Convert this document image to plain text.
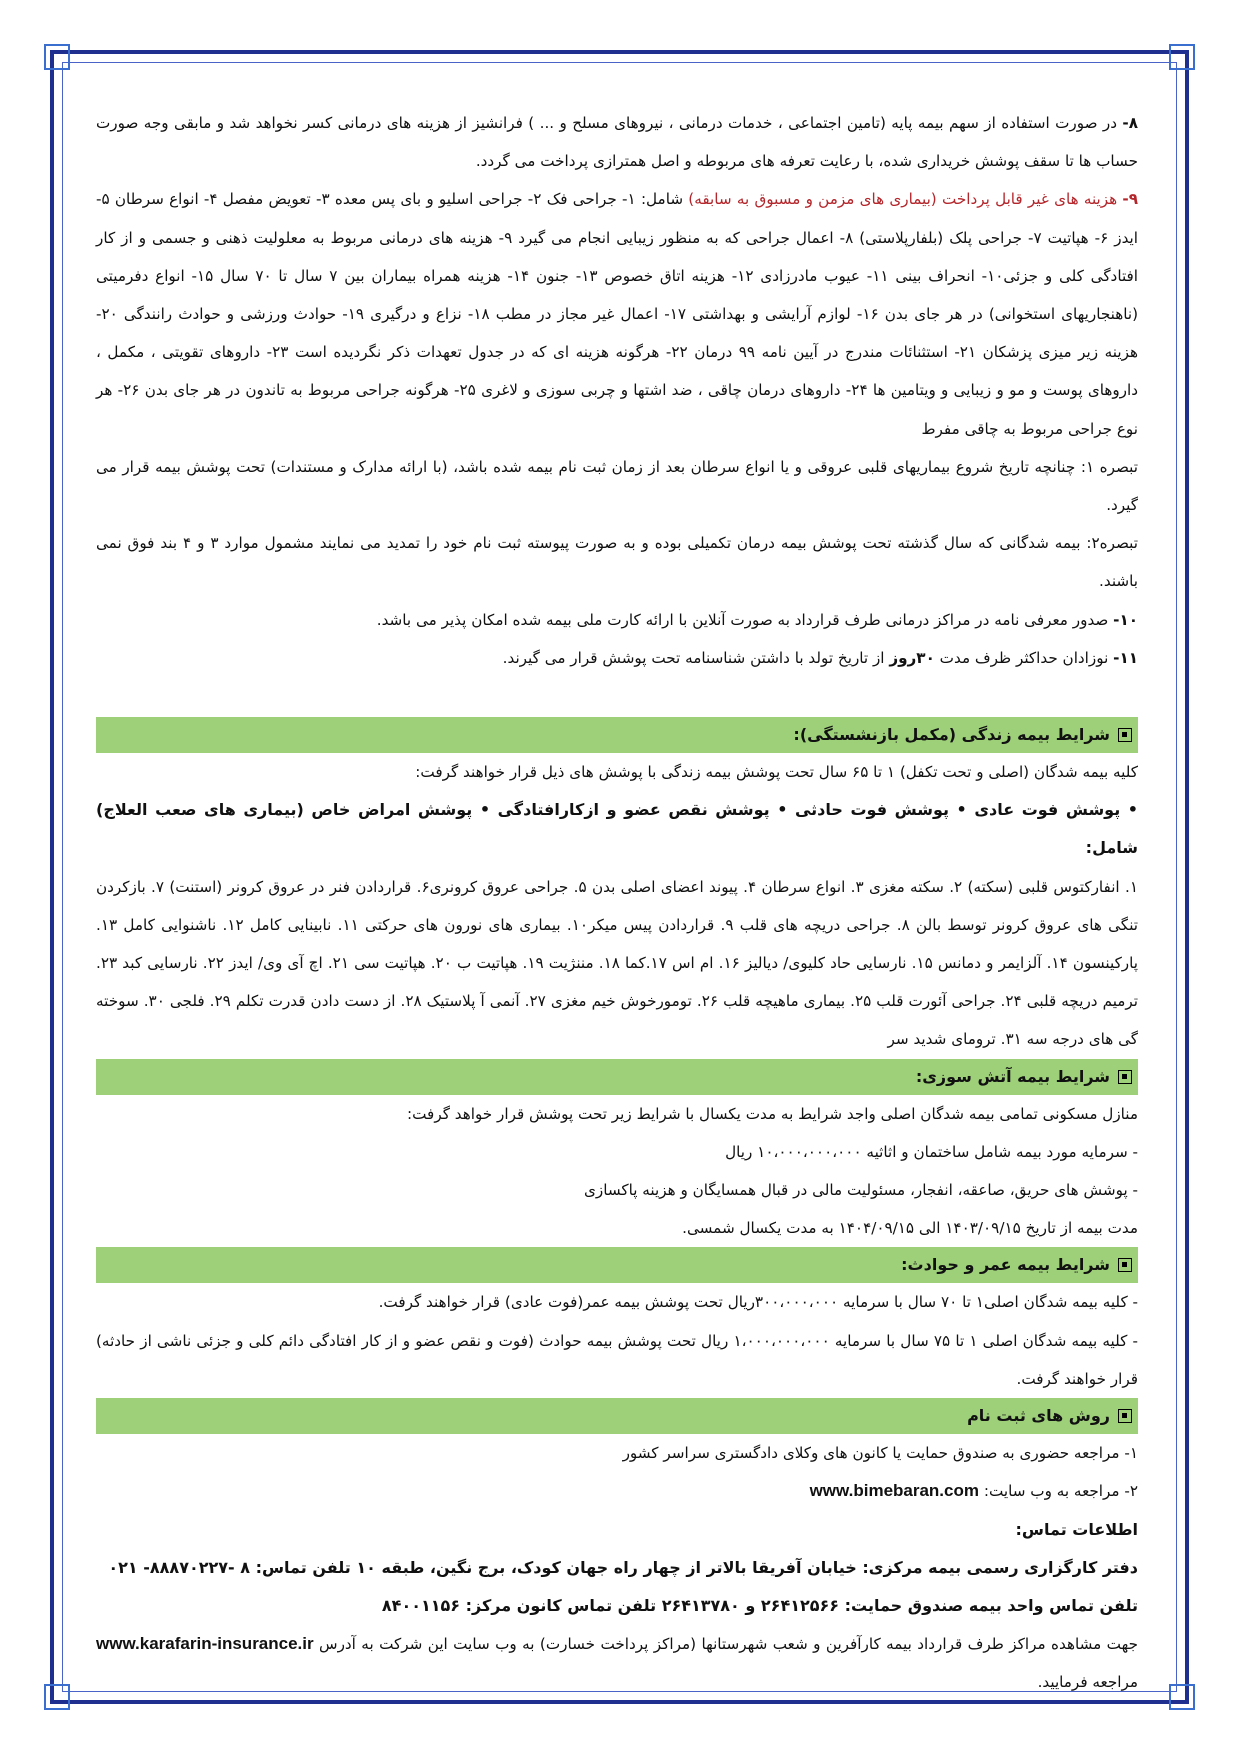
۸- در صورت استفاده از سهم بیمه پایه (تامین اجتماعی ، خدمات درمانی ، نیروهای مسلح و ... ) فرانشیز از هزینه های درمانی کسر نخواهد شد و مابقی وجه صورت حساب ها تا سقف پوشش خریداری شده، با رعایت تعرفه های مربوطه و اصل همترازی پرداخت می گردد.

۹- هزینه های غیر قابل پرداخت (بیماری های مزمن و مسبوق به سابقه) شامل: ۱- جراحی فک ۲- جراحی اسلیو و بای پس معده ۳- تعویض مفصل ۴- انواع سرطان ۵- ایدز ۶- هپاتیت ۷- جراحی پلک (بلفارپلاستی) ۸- اعمال جراحی که به منظور زیبایی انجام می گیرد ۹- هزینه های درمانی مربوط به معلولیت ذهنی و جسمی و از کار افتادگی کلی و جزئی۱۰- انحراف بینی ۱۱- عیوب مادرزادی ۱۲- هزینه اتاق خصوص ۱۳- جنون ۱۴- هزینه همراه بیماران بین ۷ سال تا ۷۰ سال ۱۵- انواع دفرمیتی (ناهنجاریهای استخوانی) در هر جای بدن ۱۶- لوازم آرایشی و بهداشتی ۱۷- اعمال غیر مجاز در مطب ۱۸- نزاع و درگیری ۱۹- حوادث ورزشی و حوادث رانندگی ۲۰- هزینه زیر میزی پزشکان ۲۱- استثنائات مندرج در آیین نامه ۹۹ درمان ۲۲- هرگونه هزینه ای که در جدول تعهدات ذکر نگردیده است ۲۳- داروهای تقویتی ، مکمل ، داروهای پوست و مو و زیبایی و ویتامین ها ۲۴- داروهای درمان چاقی ، ضد اشتها و چربی سوزی و لاغری ۲۵- هرگونه جراحی مربوط به تاندون در هر جای بدن ۲۶- هر نوع جراحی مربوط به چاقی مفرط

تبصره ۱: چنانچه تاریخ شروع بیماریهای قلبی عروقی و یا انواع سرطان بعد از زمان ثبت نام بیمه شده باشد، (با ارائه مدارک و مستندات) تحت پوشش بیمه قرار می گیرد.

تبصره۲: بیمه شدگانی که سال گذشته تحت پوشش بیمه درمان تکمیلی بوده و به صورت پیوسته ثبت نام خود را تمدید می نمایند مشمول موارد ۳ و ۴ بند فوق نمی باشند.

۱۰- صدور معرفی نامه در مراکز درمانی طرف قرارداد به صورت آنلاین با ارائه کارت ملی بیمه شده امکان پذیر می باشد.

۱۱- نوزادان حداکثر ظرف مدت ۳۰روز از تاریخ تولد با داشتن شناسنامه تحت پوشش قرار می گیرند.

شرایط بیمه زندگی (مکمل بازنشستگی):

کلیه بیمه شدگان (اصلی و تحت تکفل) ۱ تا ۶۵ سال تحت پوشش بیمه زندگی با پوشش های ذیل قرار خواهند گرفت:

• پوشش فوت عادی • پوشش فوت حادثی • پوشش نقص عضو و ازکارافتادگی • پوشش امراض خاص (بیماری های صعب العلاج) شامل:

۱. انفارکتوس قلبی (سکته) ۲. سکته مغزی ۳. انواع سرطان ۴. پیوند اعضای اصلی بدن ۵. جراحی عروق کرونری۶. قراردادن فنر در عروق کرونر (استنت) ۷. بازکردن تنگی های عروق کرونر توسط بالن ۸. جراحی دریچه های قلب ۹. قراردادن پیس میکر۱۰. بیماری های نورون های حرکتی ۱۱. نابینایی کامل ۱۲. ناشنوایی کامل ۱۳. پارکینسون ۱۴. آلزایمر و دمانس ۱۵. نارسایی حاد کلیوی/ دیالیز ۱۶. ام اس ۱۷.کما ۱۸. مننژیت ۱۹. هپاتیت ب ۲۰. هپاتیت سی ۲۱. اچ آی وی/ ایدز ۲۲. نارسایی کبد ۲۳. ترمیم دریچه قلبی ۲۴. جراحی آئورت قلب ۲۵. بیماری ماهیچه قلب ۲۶. تومورخوش خیم مغزی ۲۷. آنمی آ پلاستیک ۲۸. از دست دادن قدرت تکلم ۲۹. فلجی ۳۰. سوخته گی های درجه سه ۳۱. ترومای شدید سر

شرایط بیمه آتش سوزی:

منازل مسکونی تمامی بیمه شدگان اصلی واجد شرایط به مدت یکسال با شرایط زیر تحت پوشش قرار خواهد گرفت:

- سرمایه مورد بیمه شامل ساختمان و اثاثیه ۱۰،۰۰۰،۰۰۰،۰۰۰ ریال

- پوشش های حریق، صاعقه، انفجار، مسئولیت مالی در قبال همسایگان و هزینه پاکسازی

مدت بیمه از تاریخ ۱۴۰۳/۰۹/۱۵ الی ۱۴۰۴/۰۹/۱۵ به مدت یکسال شمسی.

شرایط بیمه عمر و حوادث:

- کلیه بیمه شدگان اصلی۱ تا ۷۰ سال با سرمایه ۳۰۰،۰۰۰،۰۰۰ریال تحت پوشش بیمه عمر(فوت عادی) قرار خواهند گرفت.

- کلیه بیمه شدگان اصلی ۱ تا ۷۵ سال با سرمایه ۱،۰۰۰،۰۰۰،۰۰۰ ریال تحت پوشش بیمه حوادث (فوت و نقص عضو و از کار افتادگی دائم کلی و جزئی ناشی از حادثه) قرار خواهند گرفت.

روش های ثبت نام

۱- مراجعه حضوری به صندوق حمایت یا کانون های وکلای دادگستری سراسر کشور

۲- مراجعه به وب سایت: www.bimebaran.com

اطلاعات تماس:

دفتر کارگزاری رسمی بیمه مرکزی: خیابان آفریقا بالاتر از چهار راه جهان کودک، برج نگین، طبقه ۱۰ تلفن تماس: ۸ -۸۸۸۷۰۲۲۷- ۰۲۱

تلفن تماس واحد بیمه صندوق حمایت: ۲۶۴۱۲۵۶۶ و ۲۶۴۱۳۷۸۰ تلفن تماس کانون مرکز: ۸۴۰۰۱۱۵۶

جهت مشاهده مراکز طرف قرارداد بیمه کارآفرین و شعب شهرستانها (مراکز پرداخت خسارت) به وب سایت این شرکت به آدرس www.karafarin-insurance.ir مراجعه فرمایید.
